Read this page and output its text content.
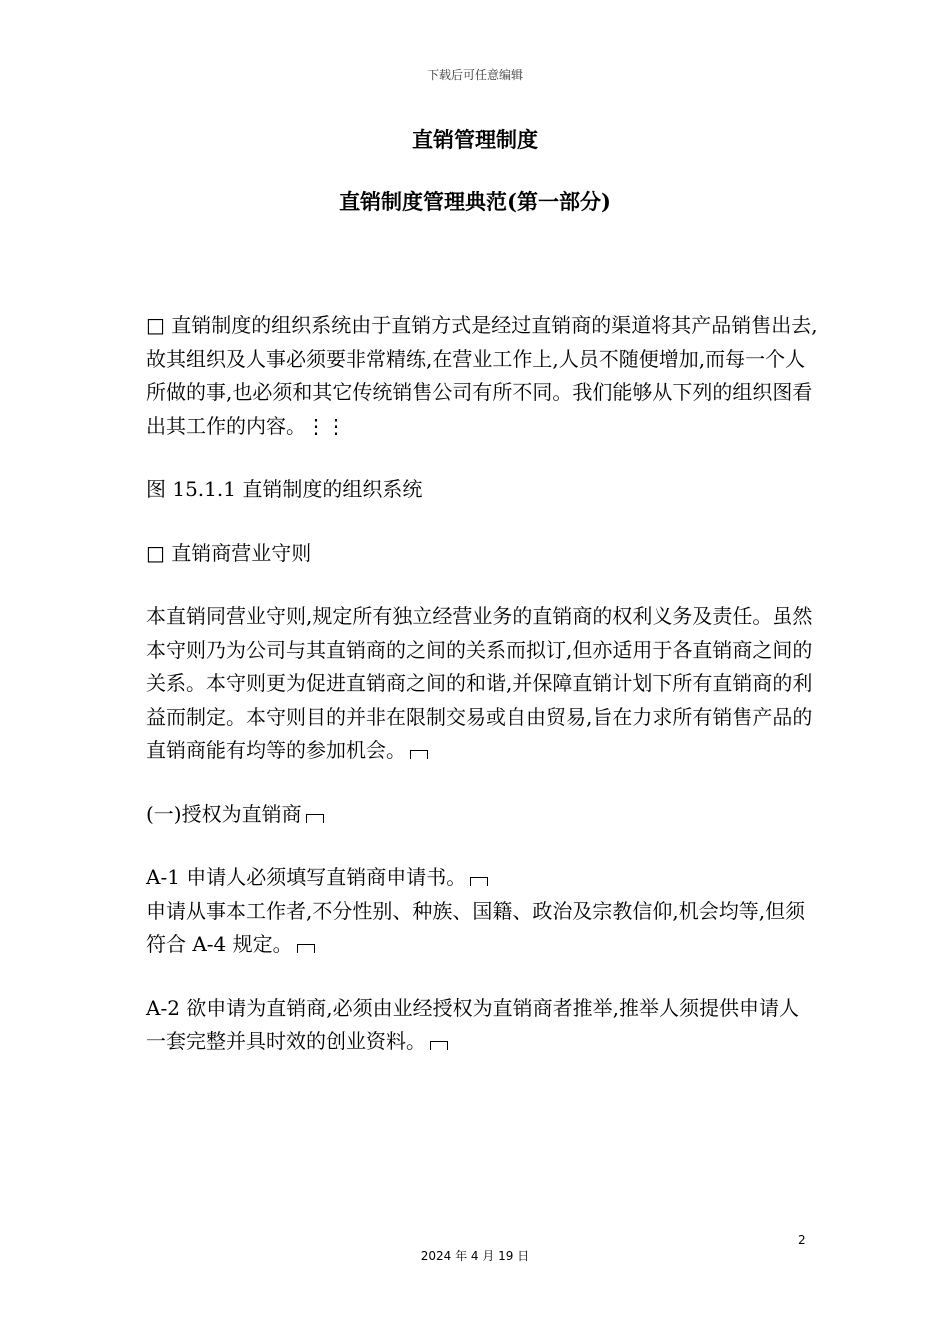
下载后可任意编辑
直销管理制度
直销制度管理典范(第一部分)

□ 直销制度的组织系统由于直销方式是经过直销商的渠道将其产品销售出去,故其组织及人事必须要非常精练,在营业工作上,人员不随便增加,而每一个人所做的事,也必须和其它传统销售公司有所不同。我们能够从下列的组织图看出其工作的内容。⋮⋮

图 15.1.1 直销制度的组织系统

□ 直销商营业守则

本直销同营业守则,规定所有独立经营业务的直销商的权利义务及责任。虽然本守则乃为公司与其直销商的之间的关系而拟订,但亦适用于各直销商之间的关系。本守则更为促进直销商之间的和谐,并保障直销计划下所有直销商的利益而制定。本守则目的并非在限制交易或自由贸易,旨在力求所有销售产品的直销商能有均等的参加机会。

(一)授权为直销商

A-1 申请人必须填写直销商申请书。
申请从事本工作者,不分性别、种族、国籍、政治及宗教信仰,机会均等,但须符合 A-4 规定。

A-2 欲申请为直销商,必须由业经授权为直销商者推举,推举人须提供申请人一套完整并具时效的创业资料。

2
2024 年 4 月 19 日
